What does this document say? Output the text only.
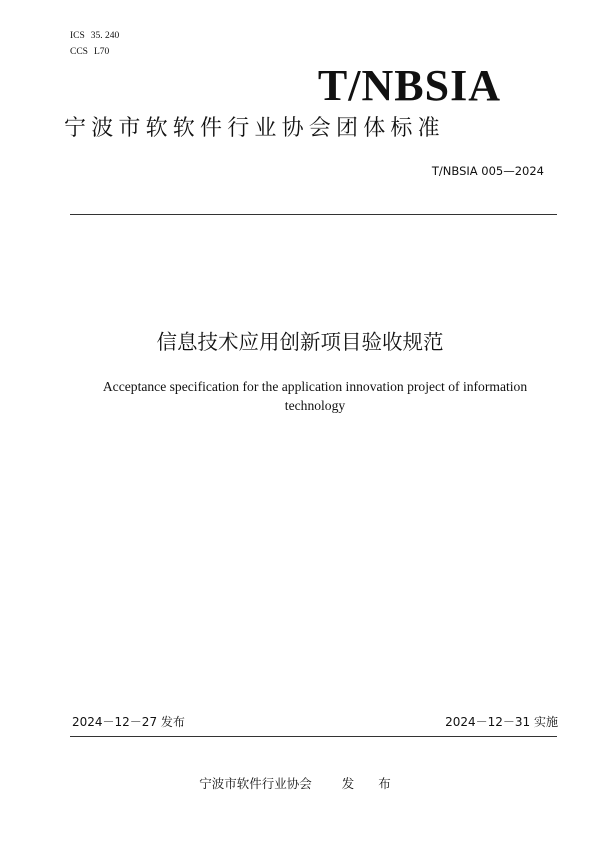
ICS 35. 240
CCS L70
T/NBSIA
宁波市软软件行业协会团体标准
T/NBSIA 005—2024
信息技术应用创新项目验收规范
Acceptance specification for the application innovation project of information technology
2024－12－27 发布	2024－12－31 实施
宁波市软件行业协会 发 布
